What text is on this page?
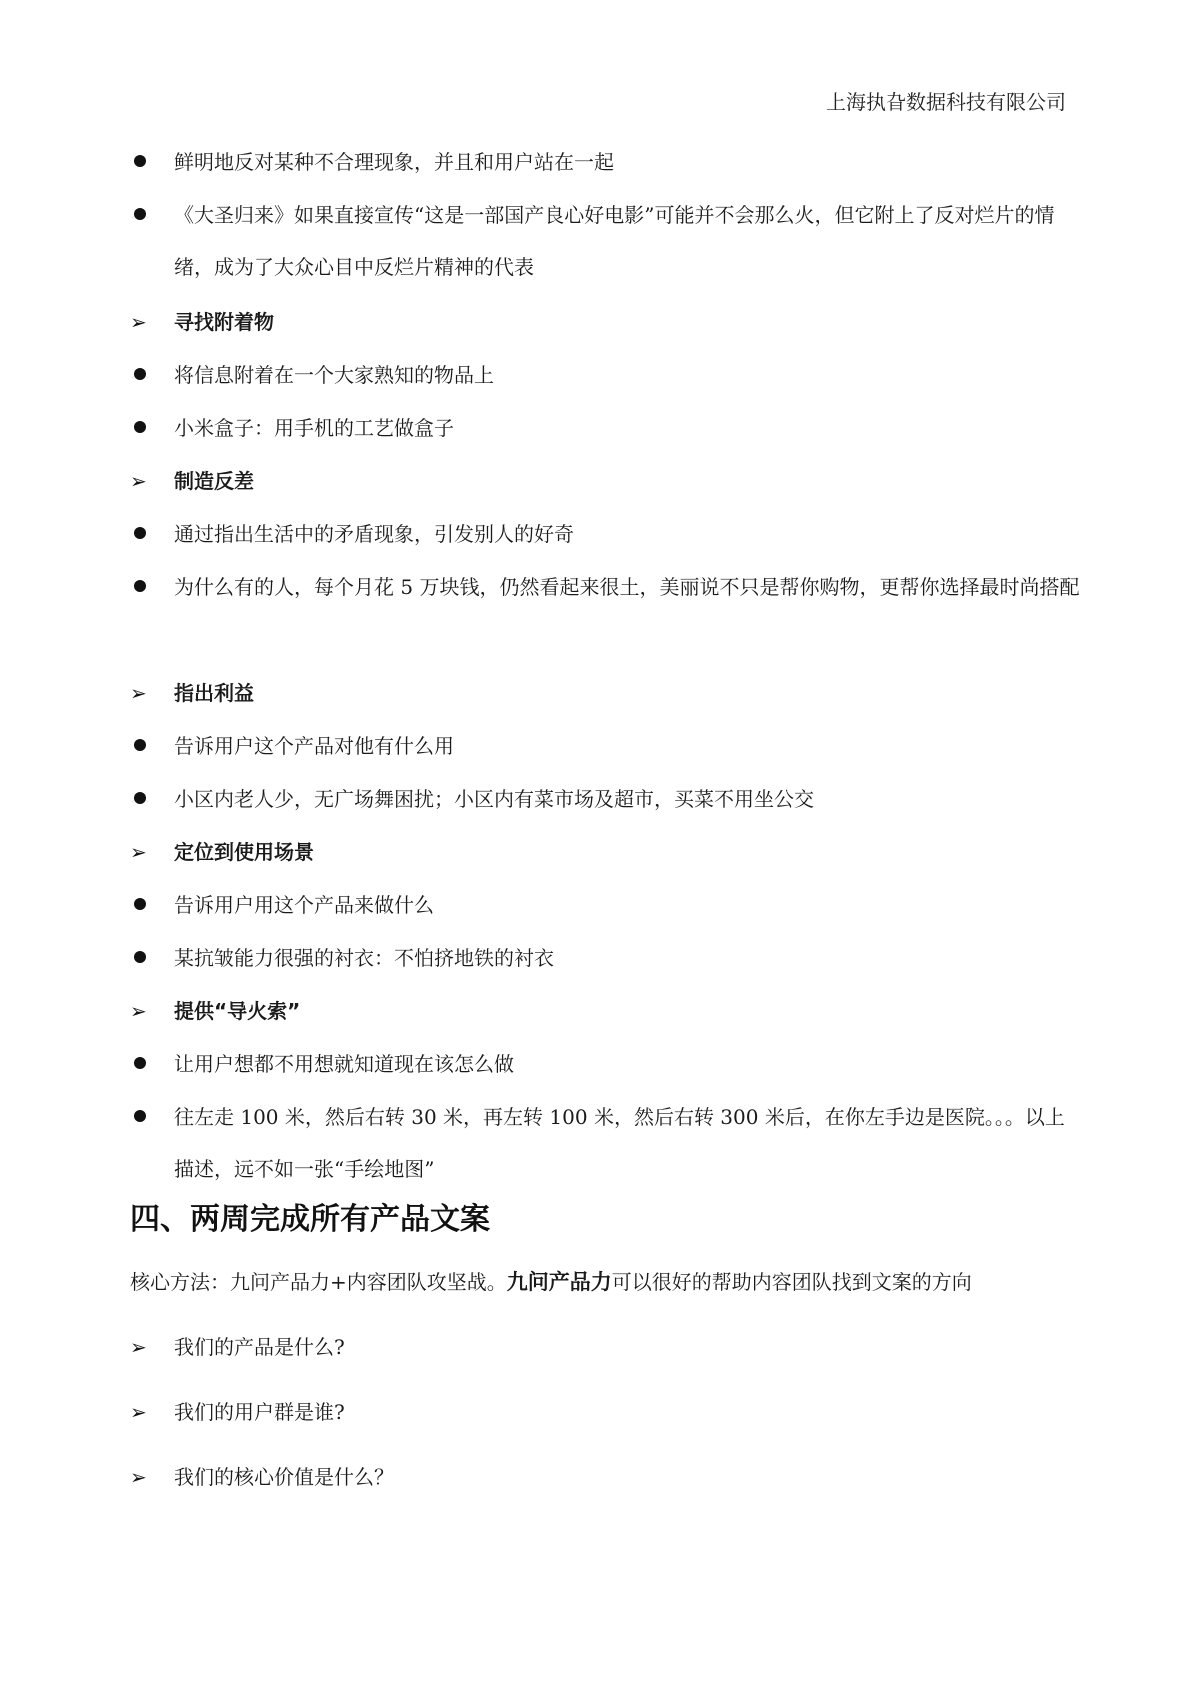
上海执旮数据科技有限公司
鲜明地反对某种不合理现象，并且和用户站在一起
《大圣归来》如果直接宣传“这是一部国产良心好电影”可能并不会那么火，但它附上了反对烂片的情绪，成为了大众心目中反烂片精神的代表
➢ 寻找附着物
将信息附着在一个大家熟知的物品上
小米盒子：用手机的工艺做盒子
➢ 制造反差
通过指出生活中的矛盾现象，引发别人的好奇
为什么有的人，每个月花 5 万块钱，仍然看起来很土，美丽说不只是帮你购物，更帮你选择最时尚搭配
➢ 指出利益
告诉用户这个产品对他有什么用
小区内老人少，无广场舞困扰；小区内有菜市场及超市，买菜不用坐公交
➢ 定位到使用场景
告诉用户用这个产品来做什么
某抗皱能力很强的衬衣：不怕挤地铁的衬衣
➢ 提供“导火索”
让用户想都不用想就知道现在该怎么做
往左走 100 米，然后右转 30 米，再左转 100 米，然后右转 300 米后，在你左手边是医院。。。以上描述，远不如一张“手绘地图”
四、两周完成所有产品文案
核心方法：九问产品力+内容团队攻坚战。九问产品力可以很好的帮助内容团队找到文案的方向
➢ 我们的产品是什么?
➢ 我们的用户群是谁?
➢ 我们的核心价值是什么？
